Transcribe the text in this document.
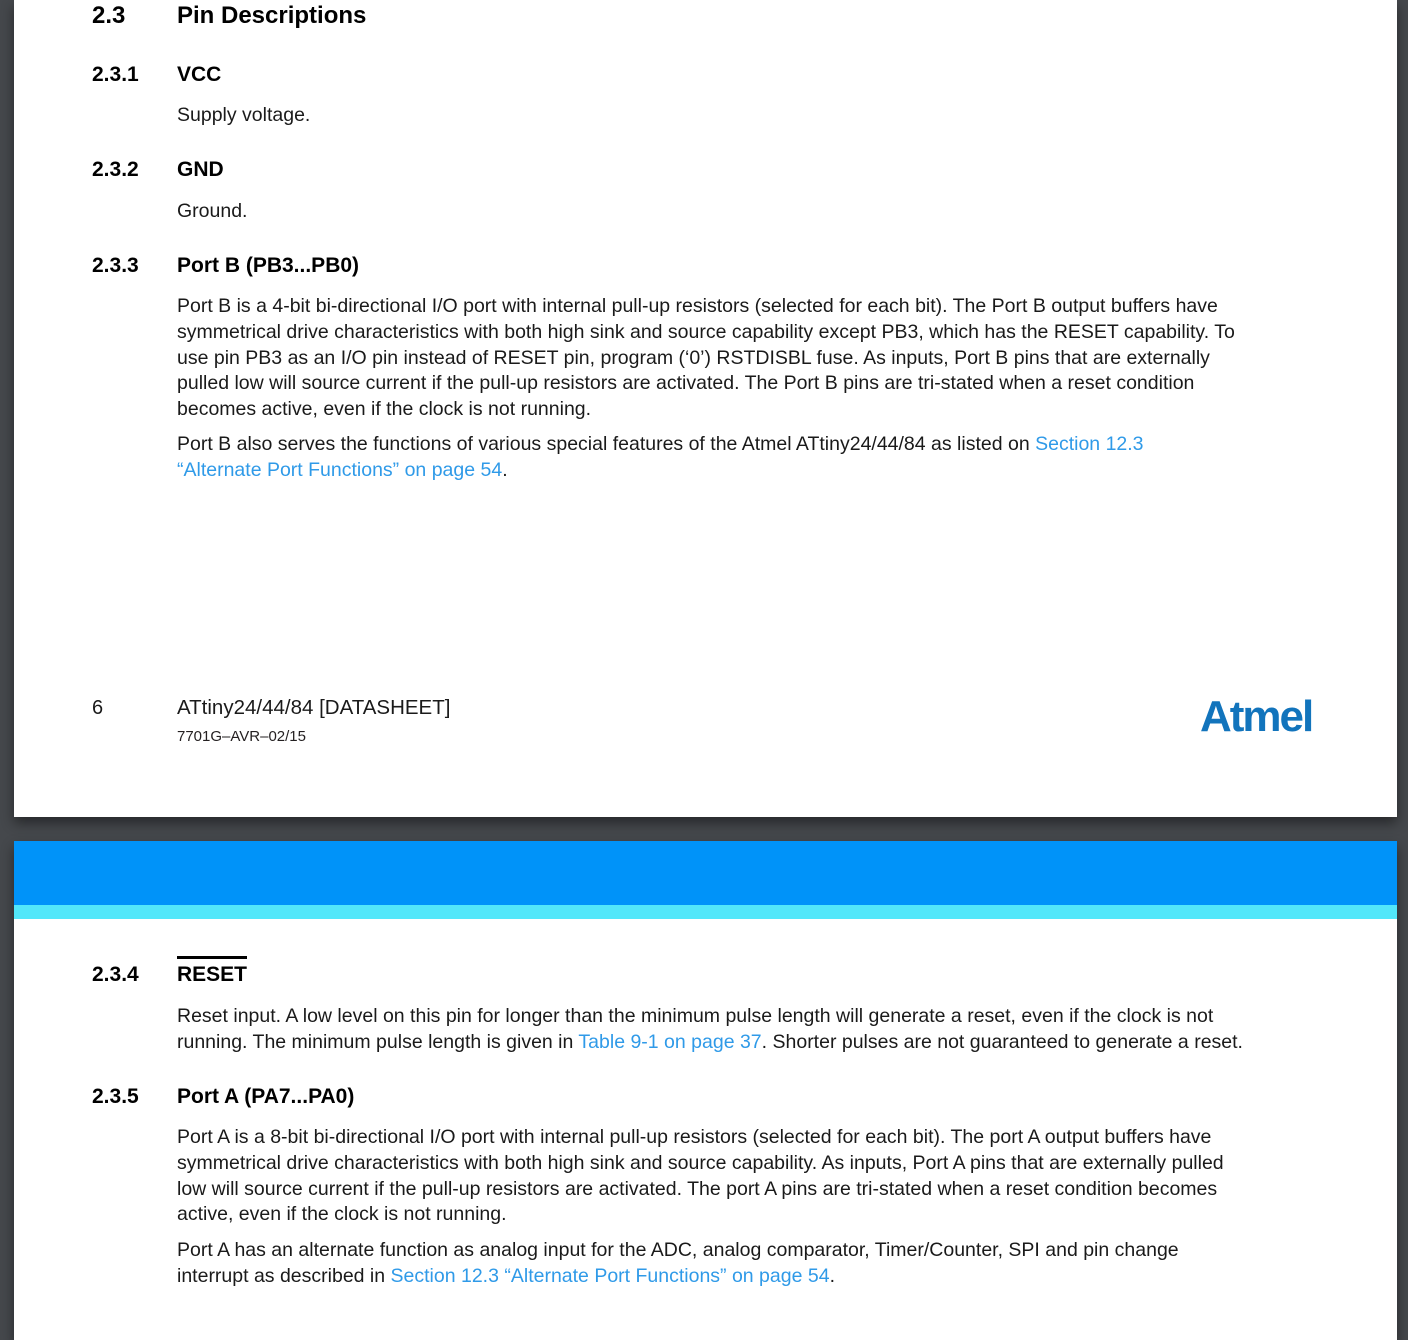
2.3 Pin Descriptions
2.3.1 VCC
Supply voltage.
2.3.2 GND
Ground.
2.3.3 Port B (PB3...PB0)
Port B is a 4-bit bi-directional I/O port with internal pull-up resistors (selected for each bit). The Port B output buffers have
symmetrical drive characteristics with both high sink and source capability except PB3, which has the RESET capability. To
use pin PB3 as an I/O pin instead of RESET pin, program (‘0’) RSTDISBL fuse. As inputs, Port B pins that are externally
pulled low will source current if the pull-up resistors are activated. The Port B pins are tri-stated when a reset condition
becomes active, even if the clock is not running.
Port B also serves the functions of various special features of the Atmel ATtiny24/44/84 as listed on Section 12.3
“Alternate Port Functions” on page 54.
6	ATtiny24/44/84 [DATASHEET]
7701G–AVR–02/15	Atmel
2.3.4 RESET
Reset input. A low level on this pin for longer than the minimum pulse length will generate a reset, even if the clock is not
running. The minimum pulse length is given in Table 9-1 on page 37. Shorter pulses are not guaranteed to generate a reset.
2.3.5 Port A (PA7...PA0)
Port A is a 8-bit bi-directional I/O port with internal pull-up resistors (selected for each bit). The port A output buffers have
symmetrical drive characteristics with both high sink and source capability. As inputs, Port A pins that are externally pulled
low will source current if the pull-up resistors are activated. The port A pins are tri-stated when a reset condition becomes
active, even if the clock is not running.
Port A has an alternate function as analog input for the ADC, analog comparator, Timer/Counter, SPI and pin change
interrupt as described in Section 12.3 “Alternate Port Functions” on page 54.
